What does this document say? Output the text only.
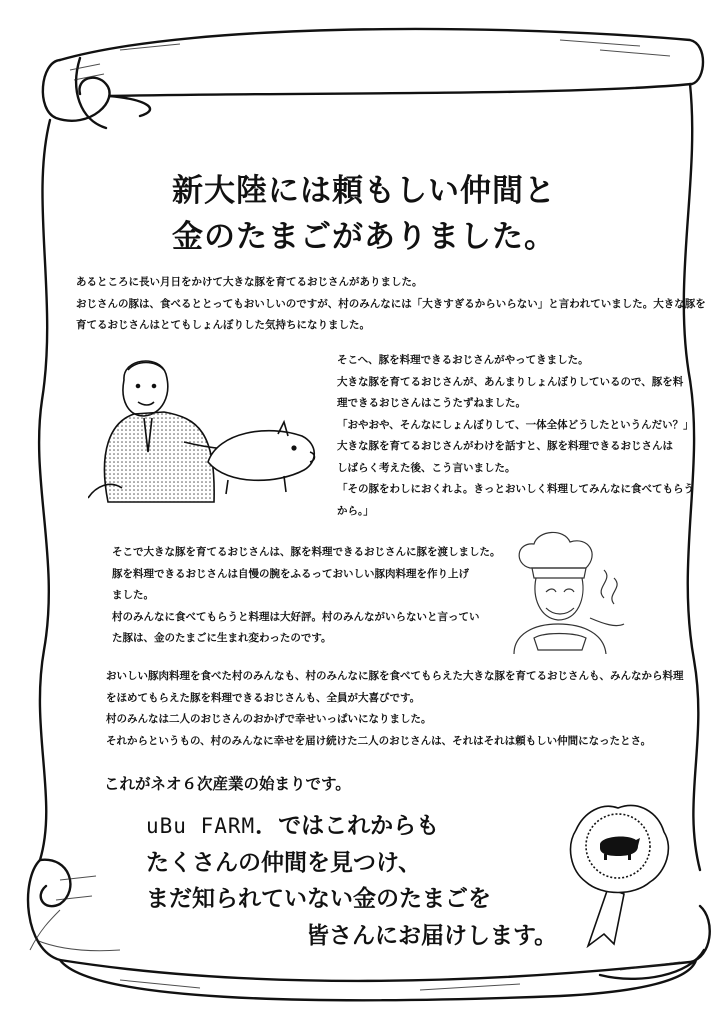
新大陸には頼もしい仲間と
金のたまごがありました。
あるところに長い月日をかけて大きな豚を育てるおじさんがありました。
おじさんの豚は、食べるととってもおいしいのですが、村のみんなには「大きすぎるからいらない」と言われていました。大きな豚を
育てるおじさんはとてもしょんぼりした気持ちになりました。
そこへ、豚を料理できるおじさんがやってきました。
大きな豚を育てるおじさんが、あんまりしょんぼりしているので、豚を料
理できるおじさんはこうたずねました。
「おやおや、そんなにしょんぼりして、一体全体どうしたというんだい？」
大きな豚を育てるおじさんがわけを話すと、豚を料理できるおじさんは
しばらく考えた後、こう言いました。
「その豚をわしにおくれよ。きっとおいしく料理してみんなに食べてもらう
から。」
そこで大きな豚を育てるおじさんは、豚を料理できるおじさんに豚を渡しました。
豚を料理できるおじさんは自慢の腕をふるっておいしい豚肉料理を作り上げ
ました。
村のみんなに食べてもらうと料理は大好評。村のみんながいらないと言ってい
た豚は、金のたまごに生まれ変わったのです。
おいしい豚肉料理を食べた村のみんなも、村のみんなに豚を食べてもらえた大きな豚を育てるおじさんも、みんなから料理
をほめてもらえた豚を料理できるおじさんも、全員が大喜びです。
村のみんなは二人のおじさんのおかげで幸せいっぱいになりました。
それからというもの、村のみんなに幸せを届け続けた二人のおじさんは、それはそれは頼もしい仲間になったとさ。
これがネオ６次産業の始まりです。
uBu FARM．ではこれからも
たくさんの仲間を見つけ、
まだ知られていない金のたまごを
皆さんにお届けします。
